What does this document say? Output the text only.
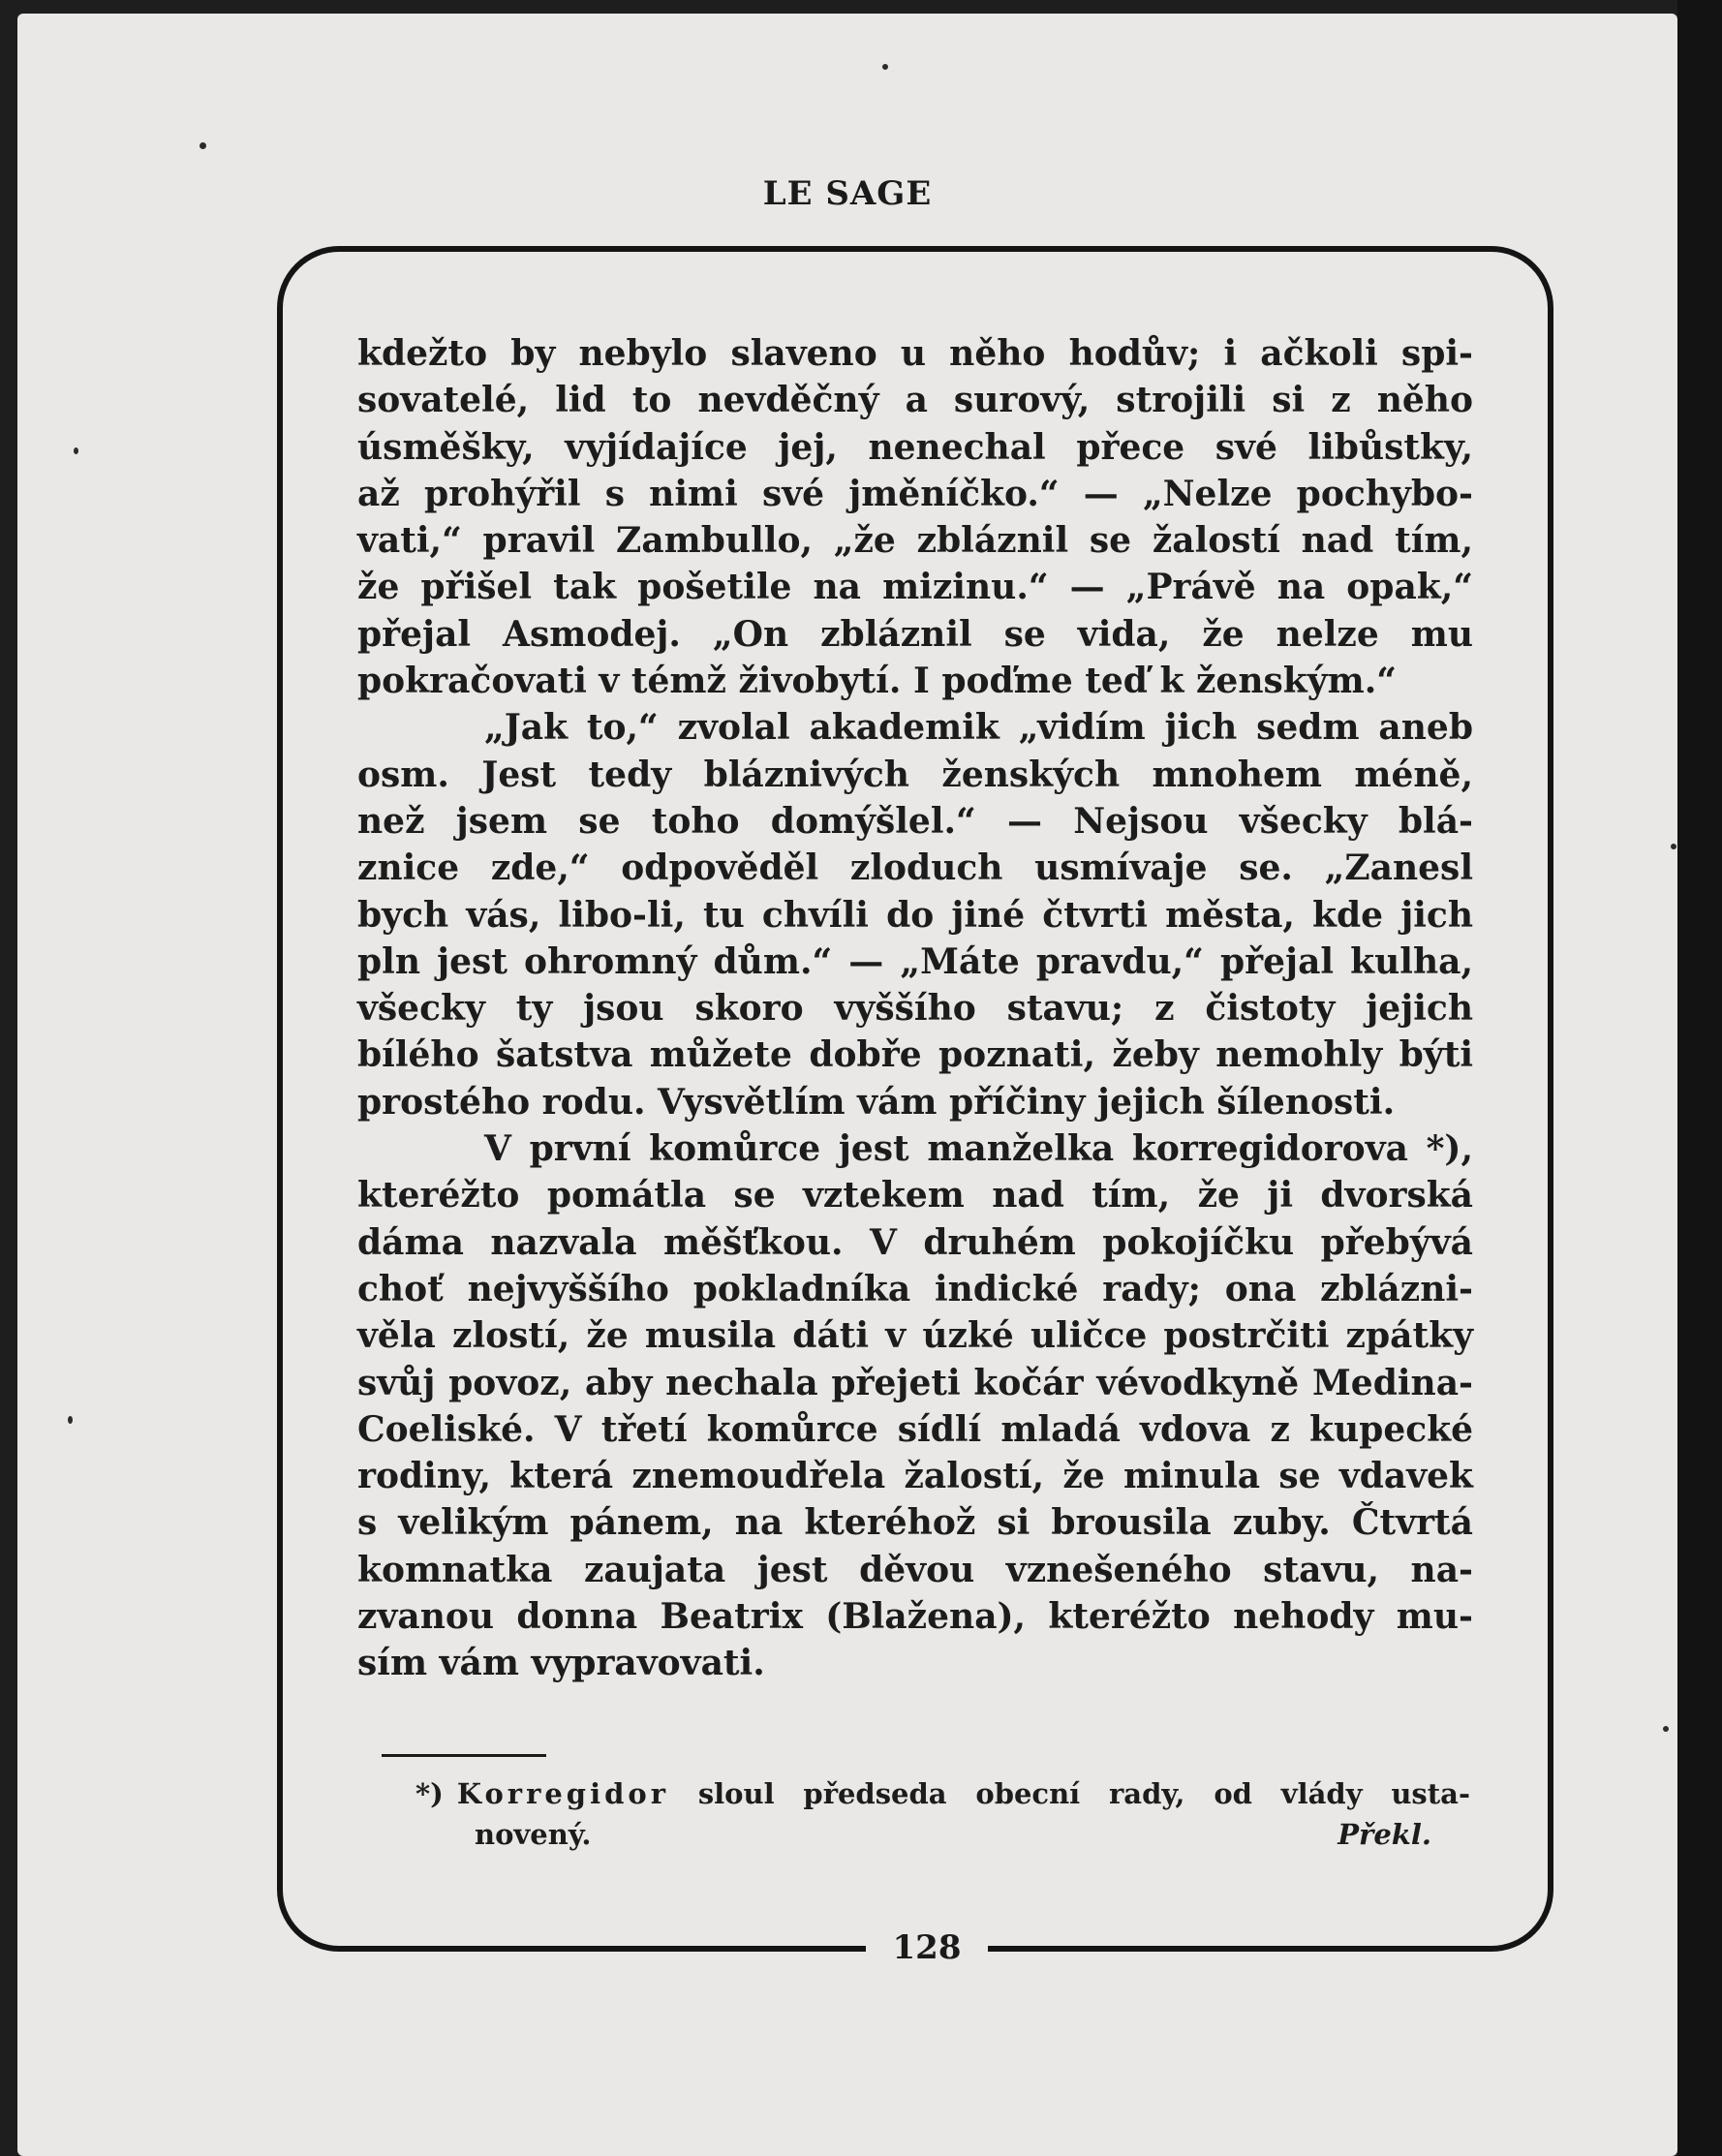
LE SAGE
kdežto by nebylo slaveno u něho hodův; i ačkoli spi-
sovatelé, lid to nevděčný a surový, strojili si z něho
úsměšky, vyjídajíce jej, nenechal přece své libůstky,
až prohýřil s nimi své jměníčko.“ — „Nelze pochybo-
vati,“ pravil Zambullo, „že zbláznil se žalostí nad tím,
že přišel tak pošetile na mizinu.“ — „Právě na opak,“
přejal Asmodej. „On zbláznil se vida, že nelze mu
pokračovati v témž živobytí. I poďme teď k ženským.“
„Jak to,“ zvolal akademik „vidím jich sedm aneb
osm. Jest tedy bláznivých ženských mnohem méně,
než jsem se toho domýšlel.“ — Nejsou všecky blá-
znice zde,“ odpověděl zloduch usmívaje se. „Zanesl
bych vás, libo-li, tu chvíli do jiné čtvrti města, kde jich
pln jest ohromný dům.“ — „Máte pravdu,“ přejal kulha,
všecky ty jsou skoro vyššího stavu; z čistoty jejich
bílého šatstva můžete dobře poznati, žeby nemohly býti
prostého rodu. Vysvětlím vám příčiny jejich šílenosti.
V první komůrce jest manželka korregidorova *),
kteréžto pomátla se vztekem nad tím, že ji dvorská
dáma nazvala měšťkou. V druhém pokojíčku přebývá
choť nejvyššího pokladníka indické rady; ona zblázni-
věla zlostí, že musila dáti v úzké uličce postrčiti zpátky
svůj povoz, aby nechala přejeti kočár vévodkyně Medina-
Coeliské. V třetí komůrce sídlí mladá vdova z kupecké
rodiny, která znemoudřela žalostí, že minula se vdavek
s velikým pánem, na kteréhož si brousila zuby. Čtvrtá
komnatka zaujata jest děvou vznešeného stavu, na-
zvanou donna Beatrix (Blažena), kteréžto nehody mu-
sím vám vypravovati.
*) Korregidor sloul předseda obecní rady, od vlády usta-
novený.	Překl.
128
